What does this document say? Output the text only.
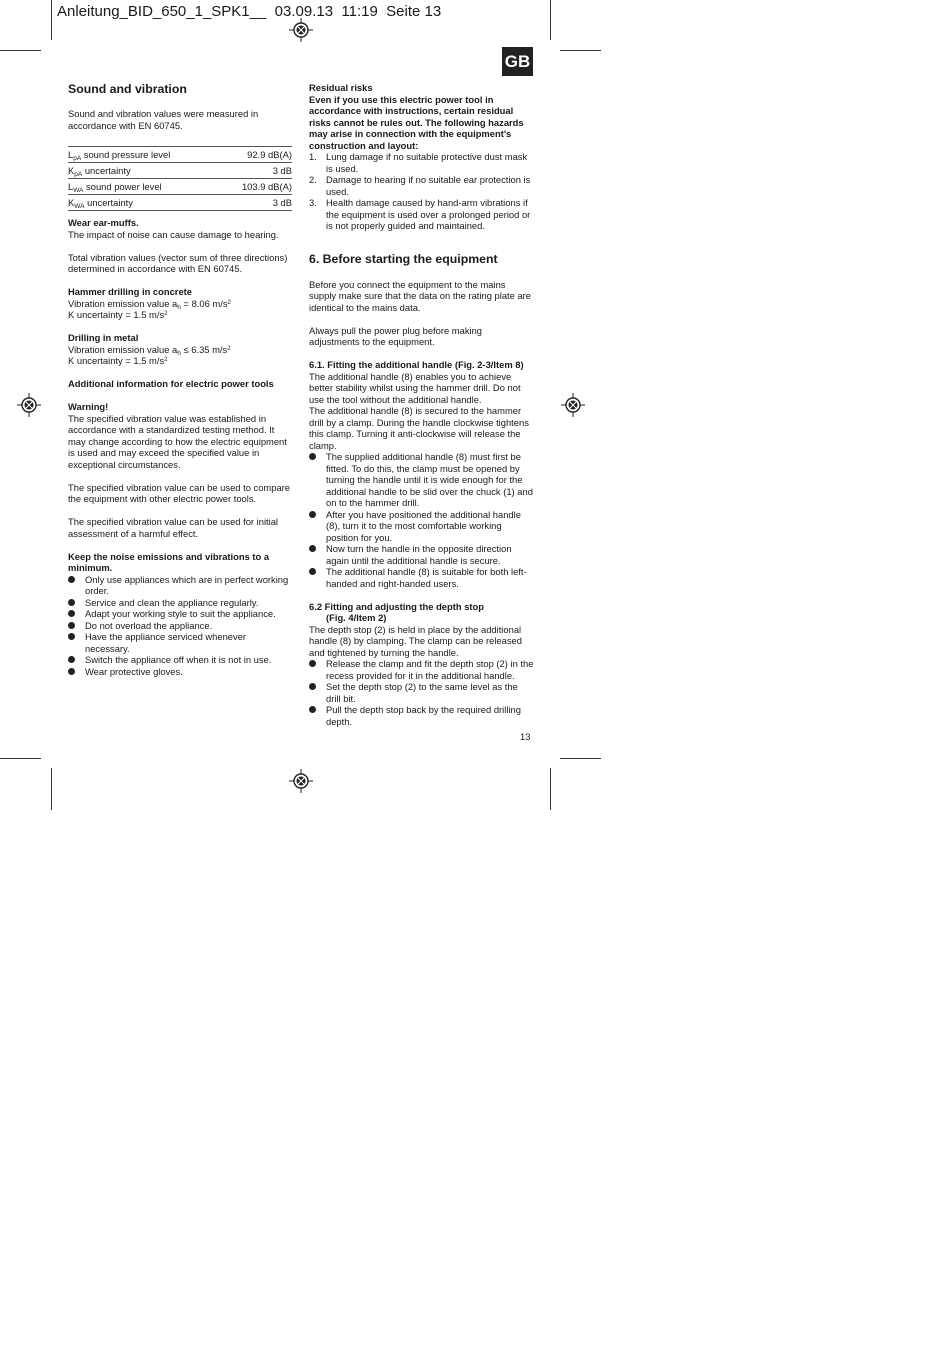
Anleitung_BID_650_1_SPK1__  03.09.13  11:19  Seite 13
GB
Sound and vibration

Sound and vibration values were measured in accordance with EN 60745.

$L_{pA}$ sound pressure level	92.9 dB(A)
$K_{pA}$ uncertainty	3 dB
$L_{WA}$ sound power level	103.9 dB(A)
$K_{WA}$ uncertainty	3 dB

Wear ear-muffs.

The impact of noise can cause damage to hearing.

Total vibration values (vector sum of three directions) determined in accordance with EN 60745.

Hammer drilling in concrete

Vibration emission value $a_h = 8.06$ $m/s^2$

K uncertainty = 1.5 $m/s^2$

Drilling in metal

Vibration emission value $a_h \le 6.35$ $m/s^2$

K uncertainty = 1.5 $m/s^2$

Additional information for electric power tools

Warning!

The specified vibration value was established in accordance with a standardized testing method. It may change according to how the electric equipment is used and may exceed the specified value in exceptional circumstances.

The specified vibration value can be used to compare the equipment with other electric power tools.

The specified vibration value can be used for initial assessment of a harmful effect.

Keep the noise emissions and vibrations to a minimum.

Only use appliances which are in perfect working order.
Service and clean the appliance regularly.
Adapt your working style to suit the appliance.
Do not overload the appliance.
Have the appliance serviced whenever necessary.
Switch the appliance off when it is not in use.
Wear protective gloves.

Residual risks

Even if you use this electric power tool in accordance with instructions, certain residual risks cannot be rules out. The following hazards may arise in connection with the equipment's construction and layout:

1. Lung damage if no suitable protective dust mask is used.
2. Damage to hearing if no suitable ear protection is used.
3. Health damage caused by hand-arm vibrations if the equipment is used over a prolonged period or is not properly guided and maintained.
6. Before starting the equipment

Before you connect the equipment to the mains supply make sure that the data on the rating plate are identical to the mains data.

Always pull the power plug before making adjustments to the equipment.

6.1. Fitting the additional handle (Fig. 2-3/Item 8)

The additional handle (8) enables you to achieve better stability whilst using the hammer drill. Do not use the tool without the additional handle.

The additional handle (8) is secured to the hammer drill by a clamp. During the handle clockwise tightens this clamp. Turning it anti-clockwise will release the clamp.

The supplied additional handle (8) must first be fitted. To do this, the clamp must be opened by turning the handle until it is wide enough for the additional handle to be slid over the chuck (1) and on to the hammer drill.
After you have positioned the additional handle (8), turn it to the most comfortable working position for you.
Now turn the handle in the opposite direction again until the additional handle is secure.
The additional handle (8) is suitable for both left-handed and right-handed users.

6.2 Fitting and adjusting the depth stop

(Fig. 4/Item 2)

The depth stop (2) is held in place by the additional handle (8) by clamping. The clamp can be released and tightened by turning the handle.

Release the clamp and fit the depth stop (2) in the recess provided for it in the additional handle.
Set the depth stop (2) to the same level as the drill bit.
Pull the depth stop back by the required drilling depth.
13
